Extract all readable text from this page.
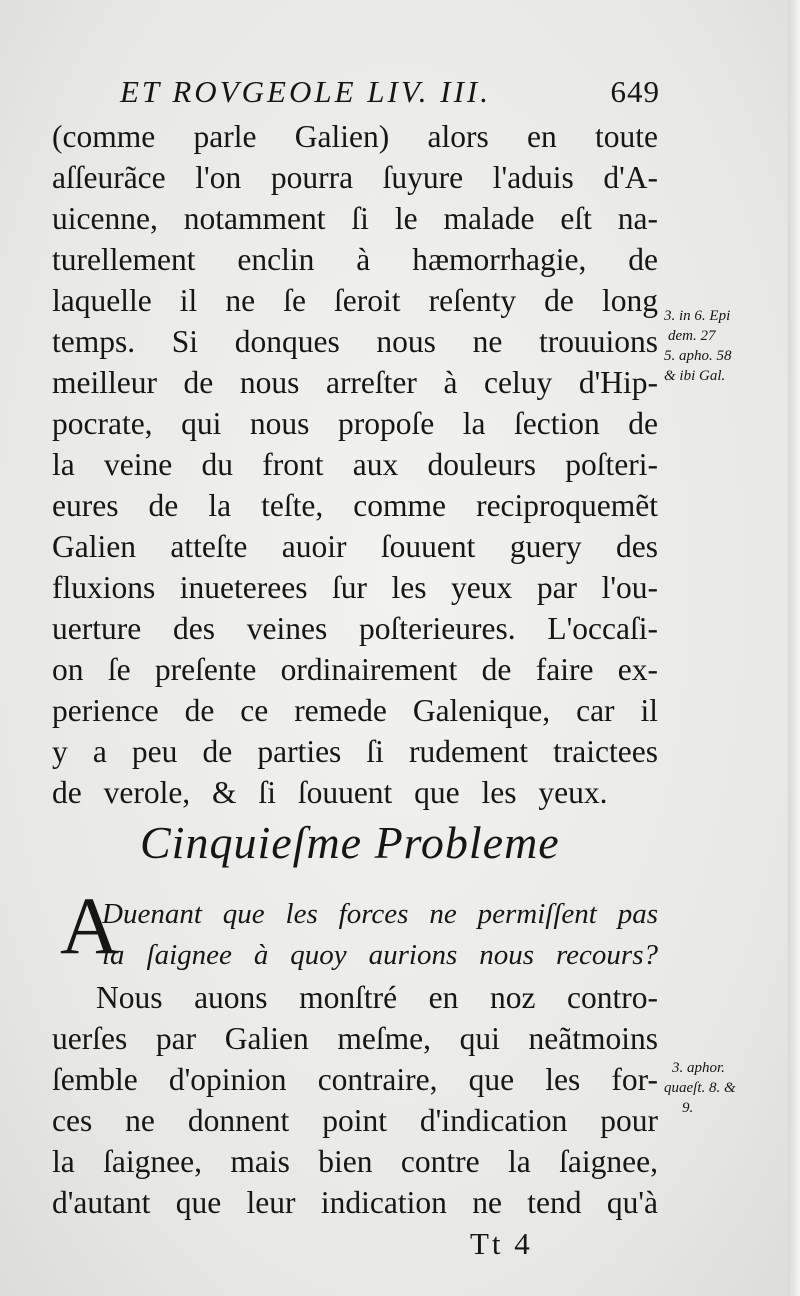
ET ROVGEOLE LIV. III.	649
(comme parle Galien) alors en toute
aſſeurãce l'on pourra ſuyure l'aduis d'A-
uicenne, notamment ſi le malade eſt na-
turellement enclin à hæmorrhagie, de
laquelle il ne ſe ſeroit reſenty de long
temps. Si donques nous ne trouuions
meilleur de nous arreſter à celuy d'Hip-
pocrate, qui nous propoſe la ſection de
la veine du front aux douleurs poſteri-
eures de la teſte, comme reciproquemẽt
Galien atteſte auoir ſouuent guery des
fluxions inueterees ſur les yeux par l'ou-
uerture des veines poſterieures. L'occaſi-
on ſe preſente ordinairement de faire ex-
perience de ce remede Galenique, car il
y a peu de parties ſi rudement traictees
de verole, & ſi ſouuent que les yeux.
3. in 6. Epi
dem. 27
5. apho. 58
& ibi Gal.
Cinquieſme Probleme
A
Duenant que les forces ne permiſſent pas
la ſaignee à quoy aurions nous recours?
Nous auons monſtré en noz contro-
uerſes par Galien meſme, qui neãtmoins
ſemble d'opinion contraire, que les for-
ces ne donnent point d'indication pour
la ſaignee, mais bien contre la ſaignee,
d'autant que leur indication ne tend qu'à
3. aphor.
quaeſt. 8. &
9.
Tt 4
